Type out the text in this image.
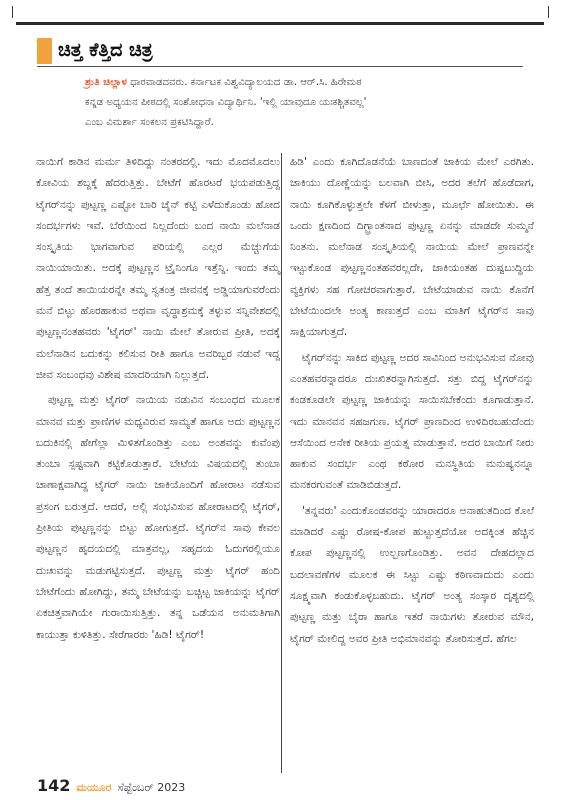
ಚಿತ್ತ ಕೆತ್ತಿದ ಚಿತ್ರ
ಶ್ರುತಿ ಚಿಲ್ಲಾಳ ಧಾರವಾಡದವರು. ಕರ್ನಾಟಕ ವಿಶ್ವವಿದ್ಯಾಲಯದ ಡಾ. ಆರ್.ಸಿ. ಹಿರೇಮಠ
ಕನ್ನಡ ಅಧ್ಯಯನ ಪೀಠದಲ್ಲಿ ಸಂಶೋಧನಾ ವಿದ್ಯಾರ್ಥಿನಿ. 'ಇಲ್ಲಿ ಯಾವುದೂ ಯಃಕಶ್ಚಿತವಲ್ಲ'
ಎಂಬ ವಿಮರ್ಶಾ ಸಂಕಲನ ಪ್ರಕಟಿಸಿದ್ದಾರೆ.

ನಾಯಿಗೆ ಕಾಡಿನ ಮರ್ಮ ತಿಳಿದಿದ್ದು ನಂತರದಲ್ಲಿ. ಇದು ಮೊದಮೊದಲು ಕೋವಿಯ ಶಬ್ದಕ್ಕೆ ಹೆದರುತ್ತಿತ್ತು. ಬೇಟೆಗೆ ಹೊರಟರೆ ಭಯಪಡುತ್ತಿದ್ದ ಟೈಗರ್‌ನನ್ನು ಪುಟ್ಟಣ್ಣ ಎಷ್ಟೋ ಬಾರಿ ಚೈನ್ ಕಟ್ಟಿ ಎಳೆದುಕೊಂಡು ಹೋದ ಸಂದರ್ಭಗಳು ಇವೆ. ಬೆರೆಯಿಂದ ನಿಲ್ಲದೆಂದು ಬಂದ ನಾಯಿ ಮಲೆನಾಡ ಸಂಸ್ಕೃತಿಯ ಭಾಗವಾಗುವ ಪರಿಯಲ್ಲಿ ಎಲ್ಲರ ಮೆಚ್ಚುಗೆಯ ನಾಯಿಯಾಯಿತು. ಅದಕ್ಕೆ ಪುಟ್ಟಣ್ಣನ ಟ್ರೈನಿಂಗೂ ಇತ್ತೆನ್ನಿ. ಇಂದು ತಮ್ಮ ಹೆತ್ತ ತಂದೆ ತಾಯಿಯರನ್ನೇ ತಮ್ಮ ಸ್ವತಂತ್ರ ಜೀವನಕ್ಕೆ ಅಡ್ಡಿಯಾಗುವರೆಂದು ಮನೆ ಬಿಟ್ಟು ಹೊರಹಾಕುವ ಅಥವಾ ವೃದ್ಧಾಶ್ರಮಕ್ಕೆ ತಳ್ಳುವ ಸನ್ನಿವೇಶದಲ್ಲಿ ಪುಟ್ಟಣ್ಣನಂತಹವರು 'ಟೈಗರ್' ನಾಯಿ ಮೇಲೆ ತೋರುವ ಪ್ರೀತಿ, ಅದಕ್ಕೆ ಮಲೆನಾಡಿನ ಬದುಕನ್ನು ಕಲಿಸುವ ರೀತಿ ಹಾಗೂ ಅವರಿಬ್ಬರ ನಡುವೆ ಇದ್ದ ಜೀವ ಸಂಬಂಧವು ವಿಶೇಷ ಮಾದರಿಯಾಗಿ ನಿಲ್ಲುತ್ತದೆ.

ಪುಟ್ಟಣ್ಣ ಮತ್ತು ಟೈಗರ್ ನಾಯಿಯ ನಡುವಿನ ಸಂಬಂಧದ ಮೂಲಕ ಮಾನವ ಮತ್ತು ಪ್ರಾಣಿಗಳ ಮಧ್ಯವಿರುವ ಸಾಮ್ಯತೆ ಹಾಗೂ ಅದು ಪುಟ್ಟಣ್ಣನ ಬದುಕಿನಲ್ಲಿ ಹೇಗೆಲ್ಲಾ ಮಿಳಿತಗೊಂಡಿತ್ತು ಎಂಬ ಅಂಶವನ್ನು ಕುವೆಂಪು ತುಂಬಾ ಸ್ಪಷ್ಟವಾಗಿ ಕಟ್ಟಿಕೊಡುತ್ತಾರೆ. ಬೇಟೆಯ ವಿಷಯದಲ್ಲಿ ತುಂಬಾ ಚಾಣಾಕ್ಷವಾಗಿದ್ದ ಟೈಗರ್ ನಾಯಿ ಜಾಕಿಯೊಂದಿಗೆ ಹೋರಾಟ ನಡೆಸುವ ಪ್ರಸಂಗ ಬರುತ್ತದೆ. ಆದರೆ, ಅಲ್ಲಿ ಸಂಭವಿಸುವ ಹೋರಾಟದಲ್ಲಿ ಟೈಗರ್, ಪ್ರೀತಿಯ ಪುಟ್ಟಣ್ಣನನ್ನು ಬಿಟ್ಟು ಹೋಗುತ್ತದೆ. ಟೈಗರ್‌ನ ಸಾವು ಕೇವಲ ಪುಟ್ಟಣ್ಣನ ಹೃದಯದಲ್ಲಿ ಮಾತ್ರವಲ್ಲ, ಸಹೃದಯ ಓದುಗರಲ್ಲಿಯೂ ದುಃಖವನ್ನು ಮಡುಗಟ್ಟಿಸುತ್ತದೆ. ಪುಟ್ಟಣ್ಣ ಮತ್ತು ಟೈಗರ್ ಹಂದಿ ಬೇಟೆಗೆಂದು ಹೋಗಿದ್ದು, ತಮ್ಮ ಬೇಟೆಯನ್ನು ಬಚ್ಚಿಟ್ಟ ಜಾಕಿಯನ್ನು ಟೈಗರ್ ಏಕಚಿತ್ತವಾಗಿಯೇ ಗುರಾಯಿಸುತ್ತಿತ್ತು. ತನ್ನ ಒಡೆಯನ ಅನುಮತಿಗಾಗಿ ಕಾಯುತ್ತಾ ಕುಳಿತಿತ್ತು. ಸೇರೆಗಾರರು 'ಹಿಡಿ! ಟೈಗರ್!

ಹಿಡಿ' ಎಂದು ಕೂಗಿದೊಡನೆಯೆ ಬಾಣದಂತೆ ಜಾಕಿಯ ಮೇಲೆ ಎರಗಿತು. ಜಾಕಿಯು ದೊಣ್ಣೆಯನ್ನು ಬಲವಾಗಿ ಬೀಸಿ, ಅದರ ತಲೆಗೆ ಹೊಡೆದಾಗ, ನಾಯಿ ಕೂಗಿಕೊಳ್ಳುತ್ತಲೇ ಕೆಳಗೆ ಬೀಳುತ್ತಾ, ಮೂರ್ಛೆ ಹೋಯಿತು. ಈ ಒಂದು ಕ್ಷಣದಿಂದ ದಿಗ್ಭ್ರಾಂತನಾದ ಪುಟ್ಟಣ್ಣ ಏನನ್ನು ಮಾಡದೇ ಸುಮ್ಮನೆ ನಿಂತನು. ಮಲೆನಾಡ ಸಂಸ್ಕೃತಿಯಲ್ಲಿ ನಾಯಿಯ ಮೇಲೆ ಪ್ರಾಣವನ್ನೇ ಇಟ್ಟುಕೊಂಡ ಪುಟ್ಟಣ್ಣನಂತಹವರಲ್ಲದೇ, ಜಾಕಿಯಂತಹ ದುಷ್ಟಬುದ್ಧಿಯ ವ್ಯಕ್ತಿಗಳು ಸಹ ಗೋಚರವಾಗುತ್ತಾರೆ. ಬೇಟೆಯಾಡುವ ನಾಯಿ ಕೊನೆಗೆ ಬೇಟೆಯಿಂದಲೇ ಅಂತ್ಯ ಕಾಣುತ್ತದೆ ಎಂಬ ಮಾತಿಗೆ ಟೈಗರ್‌ನ ಸಾವು ಸಾಕ್ಷಿಯಾಗುತ್ತದೆ.

ಟೈಗರ್‌ನನ್ನು ಸಾಕಿದ ಪುಟ್ಟಣ್ಣ ಅದರ ಸಾವಿನಿಂದ ಅನುಭವಿಸುವ ನೋವು ಎಂತಹವರನ್ನಾದರೂ ದುಃಖಿತರನ್ನಾಗಿಸುತ್ತದೆ. ಸತ್ತು ಬಿದ್ದ ಟೈಗರ್‌ನನ್ನು ಕಂಡಕೂಡಲೇ ಪುಟ್ಟಣ್ಣ ಜಾಕಿಯನ್ನು ಸಾಯಿಸಬೇಕೆಂದು ಕೂಗಾಡುತ್ತಾನೆ. ಇದು ಮಾನವನ ಸಹಜಗುಣ. ಟೈಗರ್ ಪ್ರಾಣದಿಂದ ಉಳಿದಿರಬಹುದೆಂದು ಆಸೆಯಿಂದ ಅನೇಕ ರೀತಿಯ ಪ್ರಯತ್ನ ಮಾಡುತ್ತಾನೆ. ಅದರ ಬಾಯಿಗೆ ನೀರು ಹಾಕುವ ಸಂದರ್ಭ ಎಂಥ ಕಠೋರ ಮನಸ್ಥಿತಿಯ ಮನುಷ್ಯನನ್ನೂ ಮನಕರಗುವಂತೆ ಮಾಡಿಬಿಡುತ್ತದೆ.

'ತನ್ನವರು' ಎಂದುಕೊಂಡವರನ್ನು ಯಾರಾದರೂ ಅನಾಹುತದಿಂದ ಕೊಲೆ ಮಾಡಿದರೆ ಎಷ್ಟು ರೋಷ-ಕೋಪ ಹುಟ್ಟುತ್ತದೆಯೋ ಅದಕ್ಕಿಂತ ಹೆಚ್ಚಿನ ಕೋಪ ಪುಟ್ಟಣ್ಣನಲ್ಲಿ ಉಲ್ಬಣಗೊಂಡಿತ್ತು. ಅವನ ದೇಹದಲ್ಲಾದ ಬದಲಾವಣೆಗಳ ಮೂಲಕ ಈ ಸಿಟ್ಟು ಎಷ್ಟು ಕಠಿಣವಾದುದು ಎಂದು ಸೂಕ್ಷ್ಮವಾಗಿ ಕಂಡುಕೊಳ್ಳಬಹುದು. ಟೈಗರ್ ಅಂತ್ಯ ಸಂಸ್ಕಾರ ದೃಶ್ಯದಲ್ಲಿ ಪುಟ್ಟಣ್ಣ ಮತ್ತು ಬೈರಾ ಹಾಗೂ ಇತರೆ ನಾಯಿಗಳು ತೋರುವ ಮೌನ, ಟೈಗರ್ ಮೇಲಿದ್ದ ಅವರ ಪ್ರೀತಿ ಅಭಿಮಾನವನ್ನು ತೋರಿಸುತ್ತದೆ. ಹೆಗಲ

142 ಮಯೂರ ಸೆಪ್ಟೆಂಬರ್ 2023
